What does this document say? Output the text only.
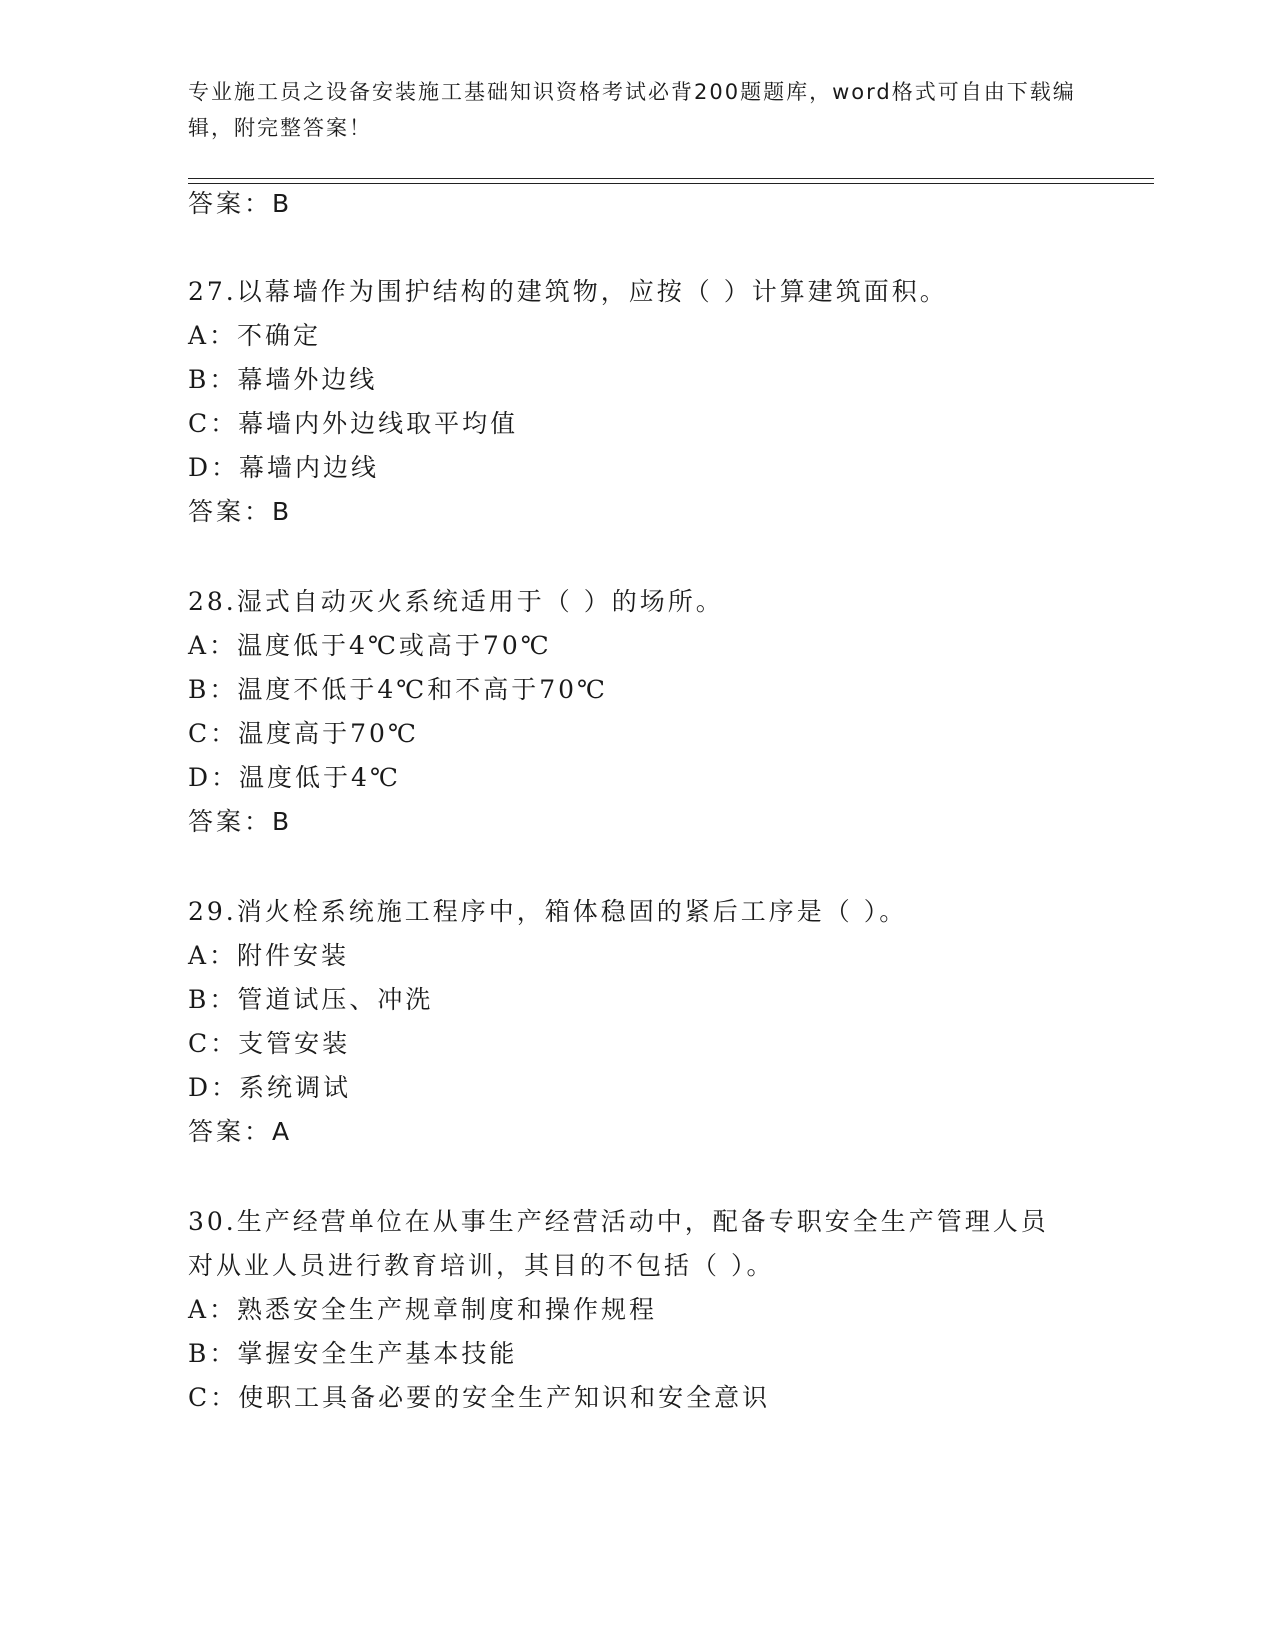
专业施工员之设备安装施工基础知识资格考试必背200题题库，word格式可自由下载编辑，附完整答案！
答案：B
27.以幕墙作为围护结构的建筑物，应按（ ）计算建筑面积。
A：不确定
B：幕墙外边线
C：幕墙内外边线取平均值
D：幕墙内边线
答案：B
28.湿式自动灭火系统适用于（ ）的场所。
A：温度低于4℃或高于70℃
B：温度不低于4℃和不高于70℃
C：温度高于70℃
D：温度低于4℃
答案：B
29.消火栓系统施工程序中，箱体稳固的紧后工序是（ ）。
A：附件安装
B：管道试压、冲洗
C：支管安装
D：系统调试
答案：A
30.生产经营单位在从事生产经营活动中，配备专职安全生产管理人员
对从业人员进行教育培训，其目的不包括（ ）。
A：熟悉安全生产规章制度和操作规程
B：掌握安全生产基本技能
C：使职工具备必要的安全生产知识和安全意识
